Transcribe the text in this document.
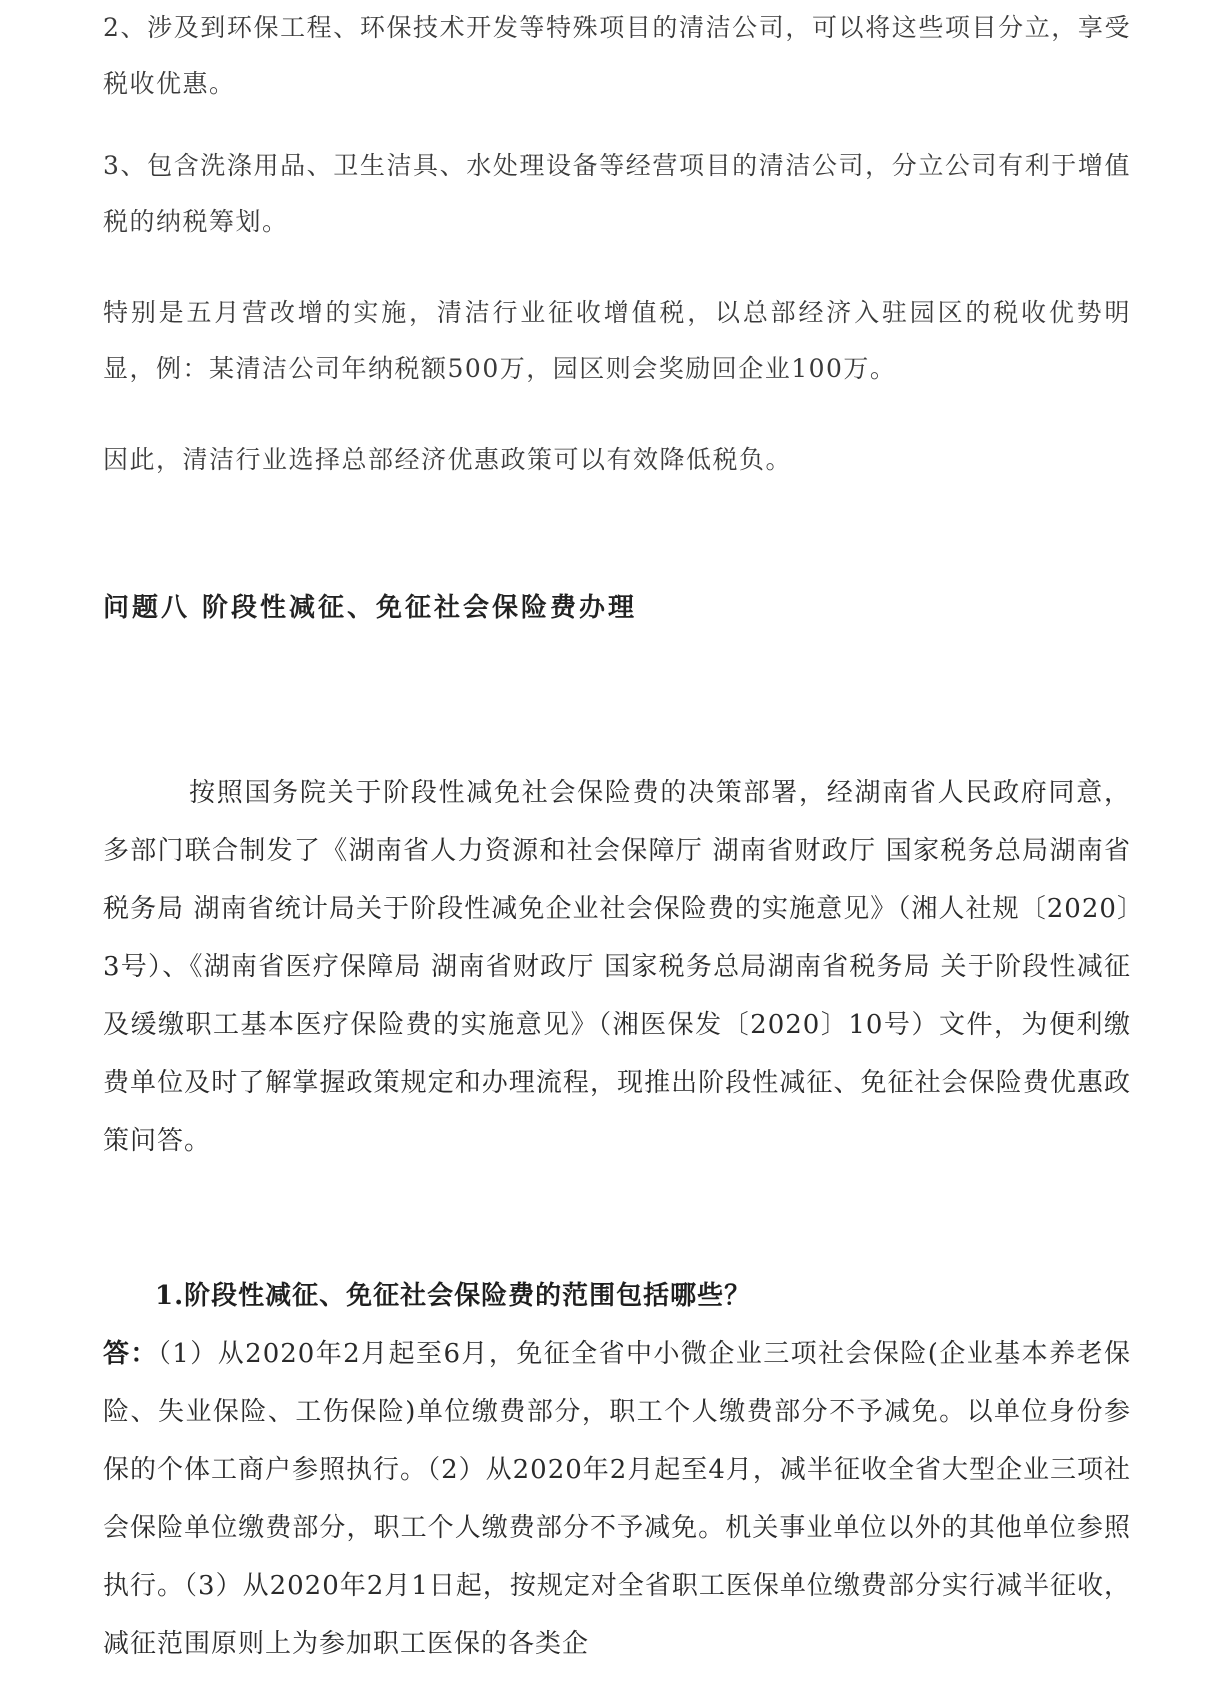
2、涉及到环保工程、环保技术开发等特殊项目的清洁公司，可以将这些项目分立，享受税收优惠。

3、包含洗涤用品、卫生洁具、水处理设备等经营项目的清洁公司，分立公司有利于增值税的纳税筹划。

特别是五月营改增的实施，清洁行业征收增值税，以总部经济入驻园区的税收优势明显，例：某清洁公司年纳税额500万，园区则会奖励回企业100万。

因此，清洁行业选择总部经济优惠政策可以有效降低税负。

问题八 阶段性减征、免征社会保险费办理

按照国务院关于阶段性减免社会保险费的决策部署，经湖南省人民政府同意，多部门联合制发了《湖南省人力资源和社会保障厅 湖南省财政厅 国家税务总局湖南省税务局 湖南省统计局关于阶段性减免企业社会保险费的实施意见》（湘人社规〔2020〕3号）、《湖南省医疗保障局 湖南省财政厅 国家税务总局湖南省税务局 关于阶段性减征及缓缴职工基本医疗保险费的实施意见》（湘医保发〔2020〕10号）文件，为便利缴费单位及时了解掌握政策规定和办理流程，现推出阶段性减征、免征社会保险费优惠政策问答。

1.阶段性减征、免征社会保险费的范围包括哪些？

答：（1）从2020年2月起至6月，免征全省中小微企业三项社会保险(企业基本养老保险、失业保险、工伤保险)单位缴费部分，职工个人缴费部分不予减免。以单位身份参保的个体工商户参照执行。（2）从2020年2月起至4月，减半征收全省大型企业三项社会保险单位缴费部分，职工个人缴费部分不予减免。机关事业单位以外的其他单位参照执行。（3）从2020年2月1日起，按规定对全省职工医保单位缴费部分实行减半征收，减征范围原则上为参加职工医保的各类企
